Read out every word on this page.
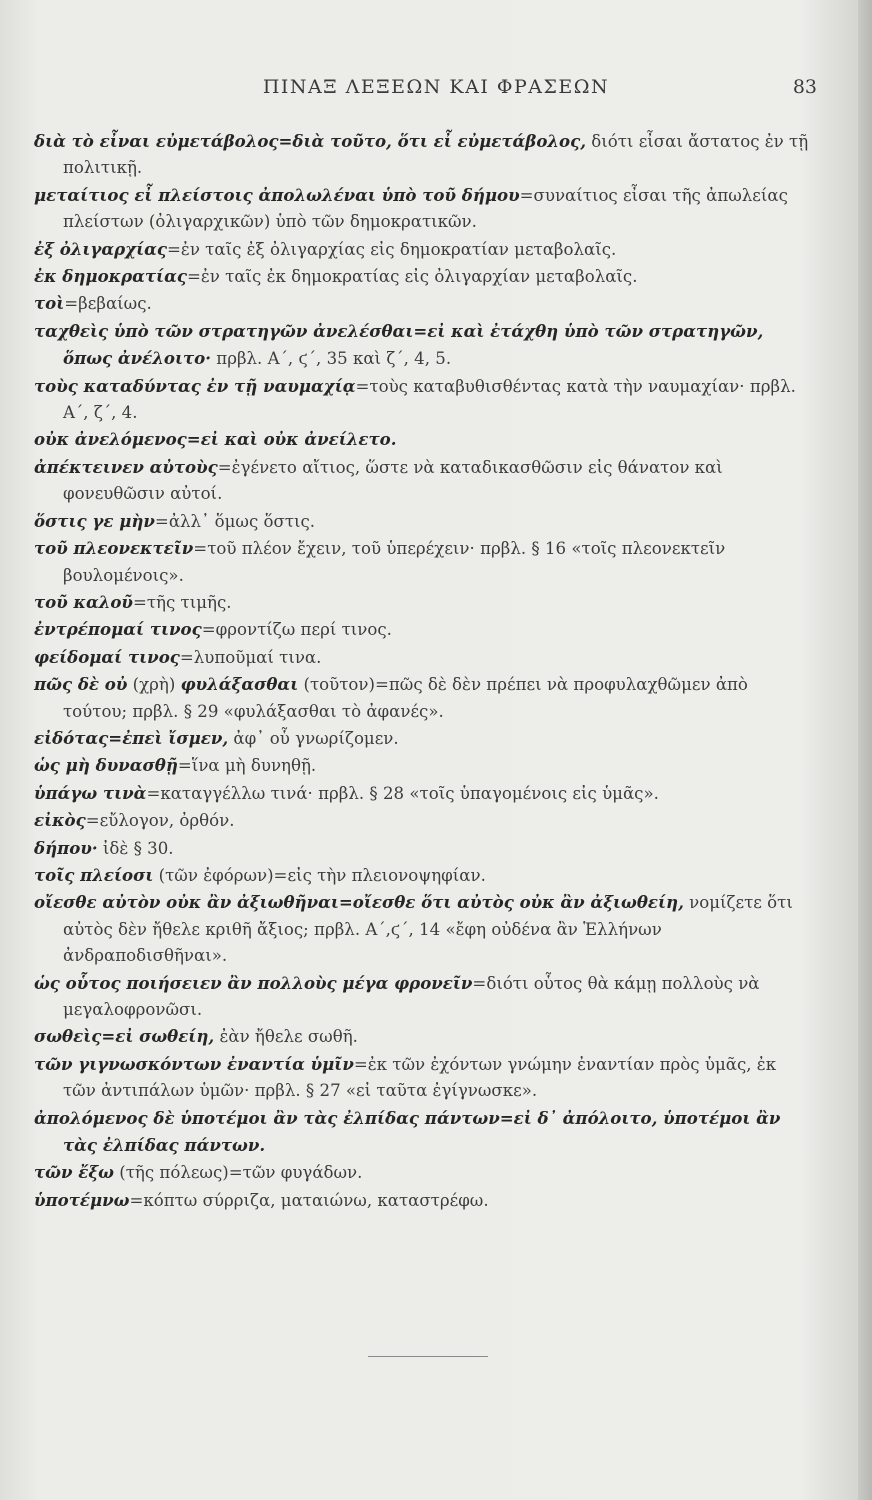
ΠΙΝΑΞ ΛΕΞΕΩΝ ΚΑΙ ΦΡΑΣΕΩΝ	83

διὰ τὸ εἶναι εὐμετάβολος=διὰ τοῦτο, ὅτι εἶ εὐμετάβολος, διότι εἶσαι ἄστατος ἐν τῇ πολιτικῇ.

μεταίτιος εἶ πλείστοις ἀπολωλέναι ὑπὸ τοῦ δήμου=συναίτιος εἶσαι τῆς ἀπωλείας πλείστων (ὀλιγαρχικῶν) ὑπὸ τῶν δημοκρατικῶν.

ἐξ ὀλιγαρχίας=ἐν ταῖς ἐξ ὀλιγαρχίας εἰς δημοκρατίαν μεταβολαῖς.

ἐκ δημοκρατίας=ἐν ταῖς ἐκ δημοκρατίας εἰς ὀλιγαρχίαν μεταβολαῖς.

τοὶ=βεβαίως.

ταχθεὶς ὑπὸ τῶν στρατηγῶν ἀνελέσθαι=εἰ καὶ ἐτάχθη ὑπὸ τῶν στρατηγῶν, ὅπως ἀνέλοιτο· πρβλ. Α΄, ϛ΄, 35 καὶ ζ΄, 4, 5.

τοὺς καταδύντας ἐν τῇ ναυμαχίᾳ=τοὺς καταβυθισθέντας κατὰ τὴν ναυμαχίαν· πρβλ. Α΄, ζ΄, 4.

οὐκ ἀνελόμενος=εἰ καὶ οὐκ ἀνείλετο.

ἀπέκτεινεν αὐτοὺς=ἐγένετο αἴτιος, ὥστε νὰ καταδικασθῶσιν εἰς θάνατον καὶ φονευθῶσιν αὐτοί.

ὅστις γε μὴν=ἀλλ᾽ ὅμως ὅστις.

τοῦ πλεονεκτεῖν=τοῦ πλέον ἔχειν, τοῦ ὑπερέχειν· πρβλ. § 16 «τοῖς πλεονεκτεῖν βουλομένοις».

τοῦ καλοῦ=τῆς τιμῆς.

ἐντρέπομαί τινος=φροντίζω περί τινος.

φείδομαί τινος=λυποῦμαί τινα.

πῶς δὲ οὐ (χρὴ) φυλάξασθαι (τοῦτον)=πῶς δὲ δὲν πρέπει νὰ προφυλαχθῶμεν ἀπὸ τούτου; πρβλ. § 29 «φυλάξασθαι τὸ ἀφανές».

εἰδότας=ἐπεὶ ἴσμεν, ἀφ᾽ οὗ γνωρίζομεν.

ὡς μὴ δυνασθῇ=ἵνα μὴ δυνηθῇ.

ὑπάγω τινὰ=καταγγέλλω τινά· πρβλ. § 28 «τοῖς ὑπαγομένοις εἰς ὑμᾶς».

εἰκὸς=εὔλογον, ὀρθόν.

δήπου· ἰδὲ § 30.

τοῖς πλείοσι (τῶν ἐφόρων)=εἰς τὴν πλειονοψηφίαν.

οἴεσθε αὐτὸν οὐκ ἂν ἀξιωθῆναι=οἴεσθε ὅτι αὐτὸς οὐκ ἂν ἀξιωθείη, νομίζετε ὅτι αὐτὸς δὲν ἤθελε κριθῆ ἄξιος; πρβλ. Α΄,ϛ΄, 14 «ἔφη οὐδένα ἂν Ἑλλήνων ἀνδραποδισθῆναι».

ὡς οὗτος ποιήσειεν ἂν πολλοὺς μέγα φρονεῖν=διότι οὗτος θὰ κάμῃ πολλοὺς νὰ μεγαλοφρονῶσι.

σωθεὶς=εἰ σωθείη, ἐὰν ἤθελε σωθῆ.

τῶν γιγνωσκόντων ἐναντία ὑμῖν=ἐκ τῶν ἐχόντων γνώμην ἐναντίαν πρὸς ὑμᾶς, ἐκ τῶν ἀντιπάλων ὑμῶν· πρβλ. § 27 «εἰ ταῦτα ἐγίγνωσκε».

ἀπολόμενος δὲ ὑποτέμοι ἂν τὰς ἐλπίδας πάντων=εἰ δ᾽ ἀπόλοιτο, ὑποτέμοι ἂν τὰς ἐλπίδας πάντων.

τῶν ἔξω (τῆς πόλεως)=τῶν φυγάδων.

ὑποτέμνω=κόπτω σύρριζα, ματαιώνω, καταστρέφω.
